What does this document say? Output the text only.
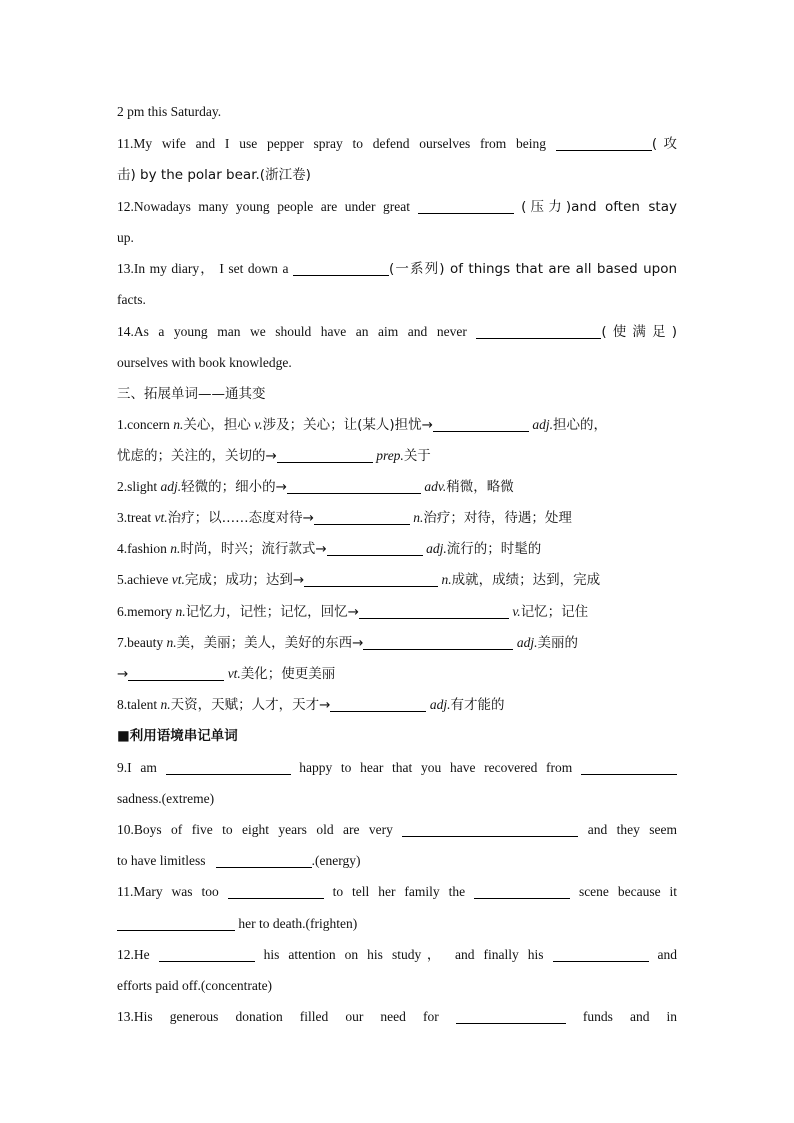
2 pm this Saturday.
11.My wife and I use pepper spray to defend ourselves from being	(攻
击) by the polar bear.(浙江卷)
12.Nowadays many young people are under great	(压力)and often stay
up.
13.In my diary， I set down a	(一系列) of things that are all based upon
facts.
14.As a young man we should have an aim and never	(使满足)
ourselves with book knowledge.
三、拓展单词——通其变
1.concern n.关心，担心 v.涉及；关心；让(某人)担忧→	adj.担心的，
忧虑的；关注的，关切的→	prep.关于
2.slight adj.轻微的；细小的→	adv.稍微，略微
3.treat vt.治疗；以……态度对待→	n.治疗；对待，待遇；处理
4.fashion n.时尚，时兴；流行款式→	adj.流行的；时髦的
5.achieve vt.完成；成功；达到→	n.成就，成绩；达到，完成
6.memory n.记忆力，记性；记忆，回忆→	v.记忆；记住
7.beauty n.美，美丽；美人，美好的东西→	adj.美丽的
→	vt.美化；使更美丽
8.talent n.天资，天赋；人才，天才→	adj.有才能的
■利用语境串记单词
9.I am	happy to hear that you have recovered from
sadness.(extreme)
10.Boys of five to eight years old are very	and they seem
to have limitless	.(energy)
11.Mary was too	to tell her family the	scene because it
her to death.(frighten)
12.He	his attention on his study， and finally his	and
efforts paid off.(concentrate)
13.His generous donation filled our need for	funds and in
